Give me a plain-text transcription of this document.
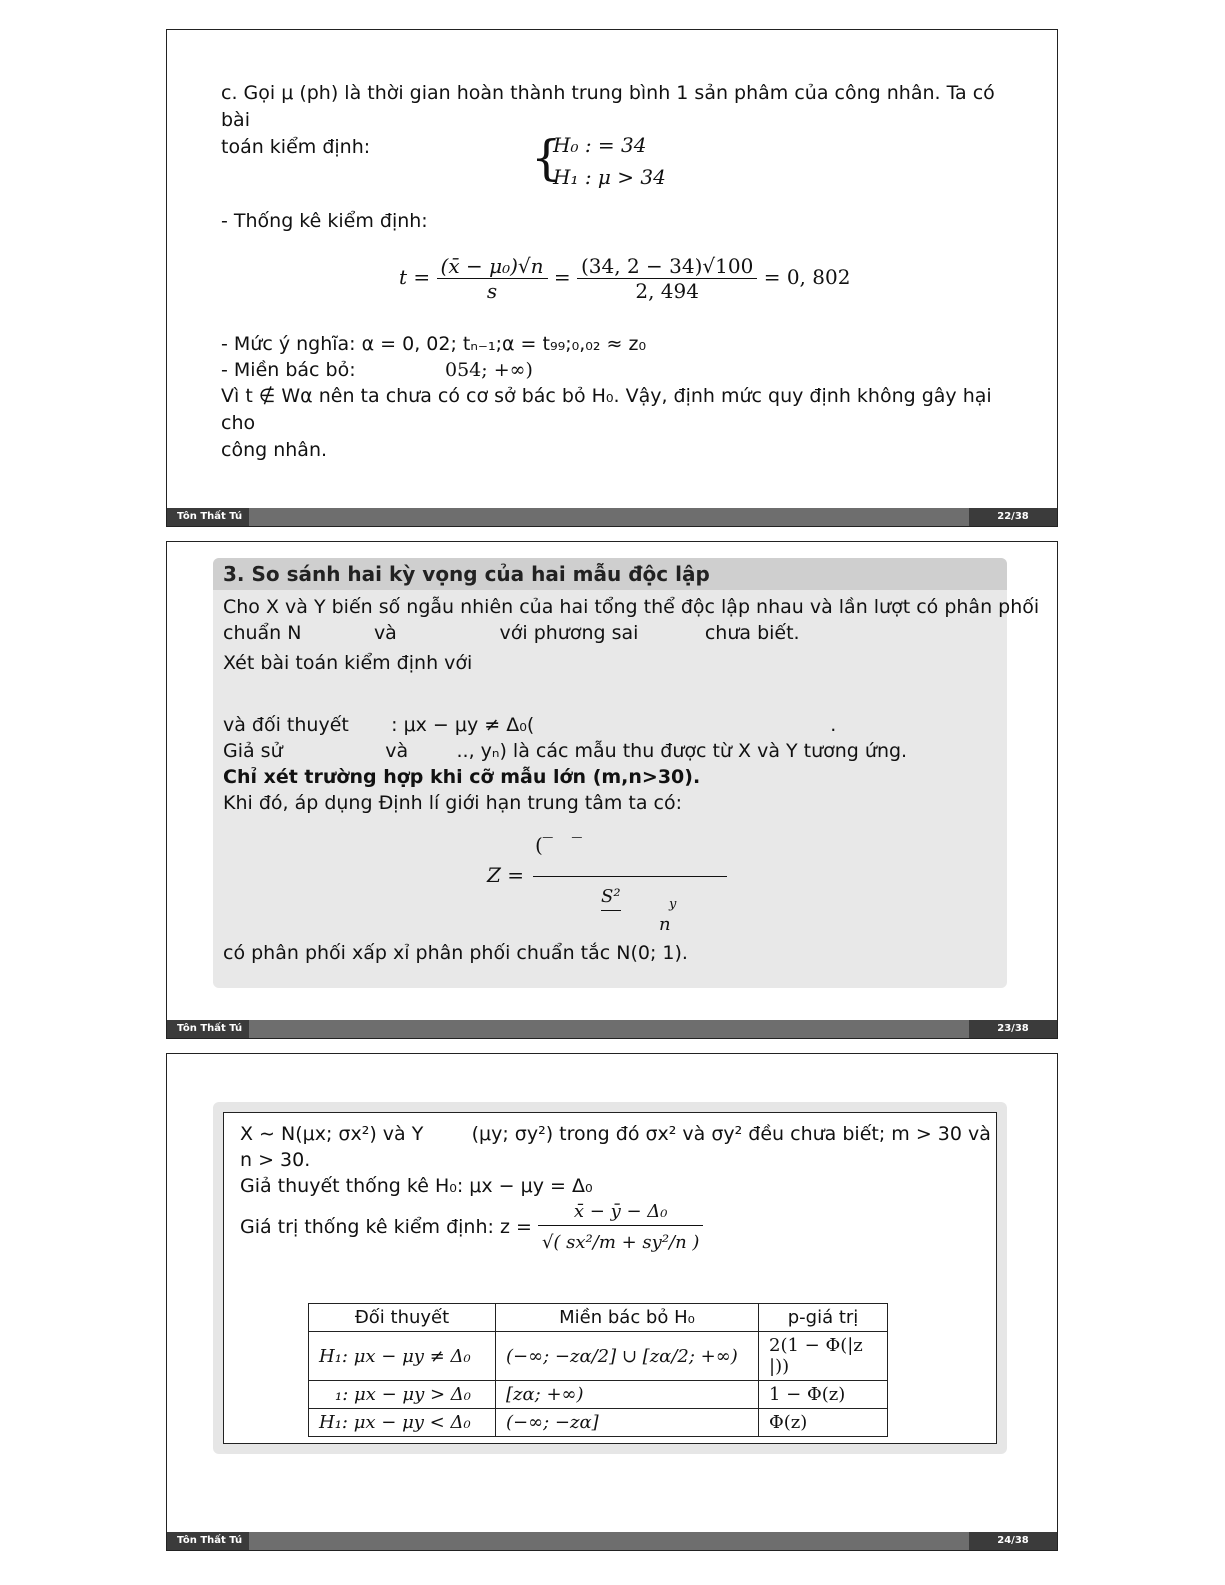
c. Gọi μ (ph) là thời gian hoàn thành trung bình 1 sản phâm của công nhân. Ta có bài
toán kiểm định:	{
H₀ : = 34
H₁ : μ > 34
- Thống kê kiểm định:
$t = \frac{\text{(x̄ − μ₀)√n}}{s} = \frac{(34, 2 - 34)√100}{2, 494} = 0$, 802
- Mức ý nghĩa: α = 0, 02; tₙ₋₁;α = t₉₉;₀,₀₂ ≈ z₀
- Miền bác bỏ:	054; +∞)
Vì t ∉ Wα nên ta chưa có cơ sở bác bỏ H₀. Vậy, định mức quy định không gây hại cho
công nhân.
Tôn Thất Tú	22/38
3. So sánh hai kỳ vọng của hai mẫu độc lập
Cho X và Y biến số ngẫu nhiên của hai tổng thể độc lập nhau và lần lượt có phân phối
chuẩn N            và                 với phương sai           chưa biết.
Xét bài toán kiểm định với
và đối thuyết       : μx − μy ≠ Δ₀(                                                 .
Giả sử                 và        .., yₙ) là các mẫu thu được từ X và Y tương ứng.
Chỉ xét trường hợp khi cỡ mẫu lớn (m,n>30).
Khi đó, áp dụng Định lí giới hạn trung tâm ta có:
Z =
(‾   ‾
S²	y
n
có phân phối xấp xỉ phân phối chuẩn tắc N(0; 1).
Tôn Thất Tú	23/38
X ∼ N(μx; σx²) và Y        (μy; σy²) trong đó σx² và σy² đều chưa biết; m > 30 và
n > 30.
Giả thuyết thống kê H₀: μx − μy = Δ₀
Giá trị thống kê kiểm định: $z = \frac{\text{x̄ − ȳ − Δ₀}}{\text{√( sx²/m + sy²/n )}}$
Đối thuyết	Miền bác bỏ H₀	p-giá trị
H₁: μx − μy ≠ Δ₀	(−∞; −zα/2] ∪ [zα/2; +∞)	2(1 − Φ(|z |))
₁: μx − μy > Δ₀	[zα; +∞)	1 − Φ(z)
H₁: μx − μy < Δ₀	(−∞; −zα]	Φ(z)
Tôn Thất Tú	24/38
